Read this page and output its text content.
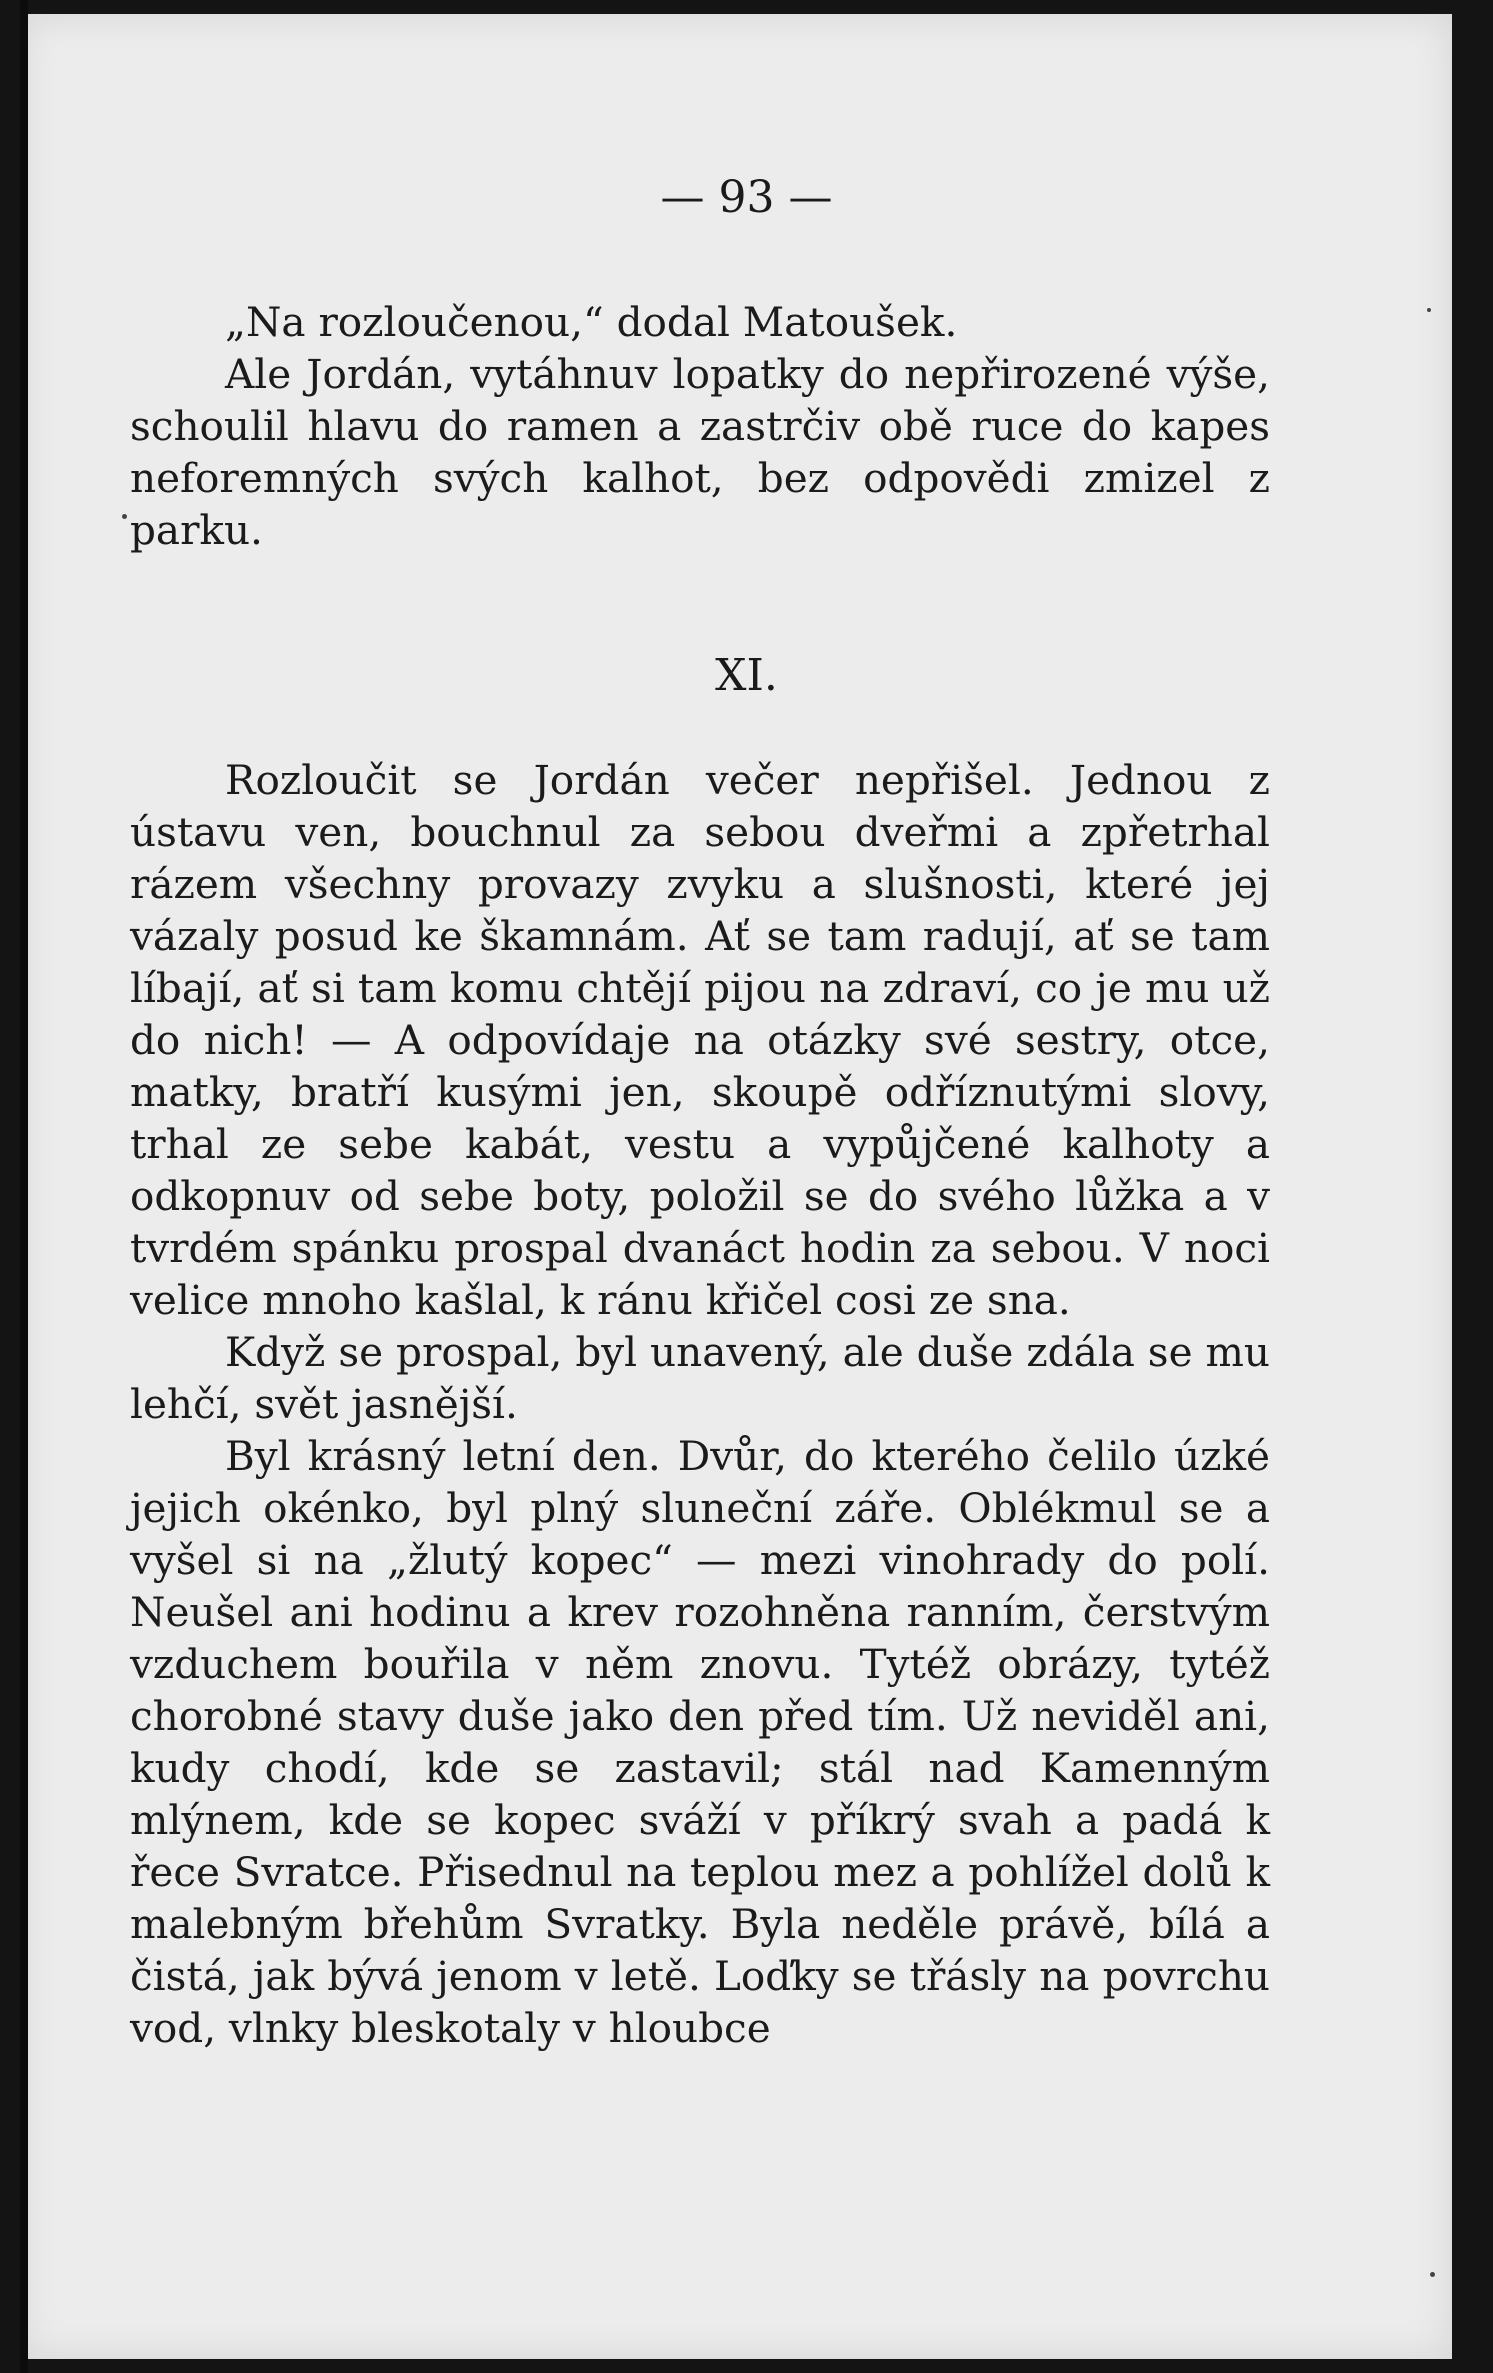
— 93 —

„Na rozloučenou,“ dodal Matoušek.

Ale Jordán, vytáhnuv lopatky do nepřirozené výše, schoulil hlavu do ramen a zastrčiv obě ruce do kapes neforemných svých kalhot, bez odpovědi zmizel z parku.

XI.

Rozloučit se Jordán večer nepřišel. Jednou z ústavu ven, bouchnul za sebou dveřmi a zpřetrhal rázem všechny provazy zvyku a slušnosti, které jej vázaly posud ke škamnám. Ať se tam radují, ať se tam líbají, ať si tam komu chtějí pijou na zdraví, co je mu už do nich! — A odpovídaje na otázky své sestry, otce, matky, bratří kusými jen, skoupě odříznutými slovy, trhal ze sebe kabát, vestu a vypůjčené kalhoty a odkopnuv od sebe boty, položil se do svého lůžka a v tvrdém spánku prospal dvanáct hodin za sebou. V noci velice mnoho kašlal, k ránu křičel cosi ze sna.

Když se prospal, byl unavený, ale duše zdála se mu lehčí, svět jasnější.

Byl krásný letní den. Dvůr, do kterého čelilo úzké jejich okénko, byl plný sluneční záře. Oblékmul se a vyšel si na „žlutý kopec“ — mezi vinohrady do polí. Neušel ani hodinu a krev rozohněna ranním, čerstvým vzduchem bouřila v něm znovu. Tytéž obrázy, tytéž chorobné stavy duše jako den před tím. Už neviděl ani, kudy chodí, kde se zastavil; stál nad Kamenným mlýnem, kde se kopec sváží v příkrý svah a padá k řece Svratce. Přisednul na teplou mez a pohlížel dolů k malebným břehům Svratky. Byla neděle právě, bílá a čistá, jak bývá jenom v letě. Loďky se třásly na povrchu vod, vlnky bleskotaly v hloubce
